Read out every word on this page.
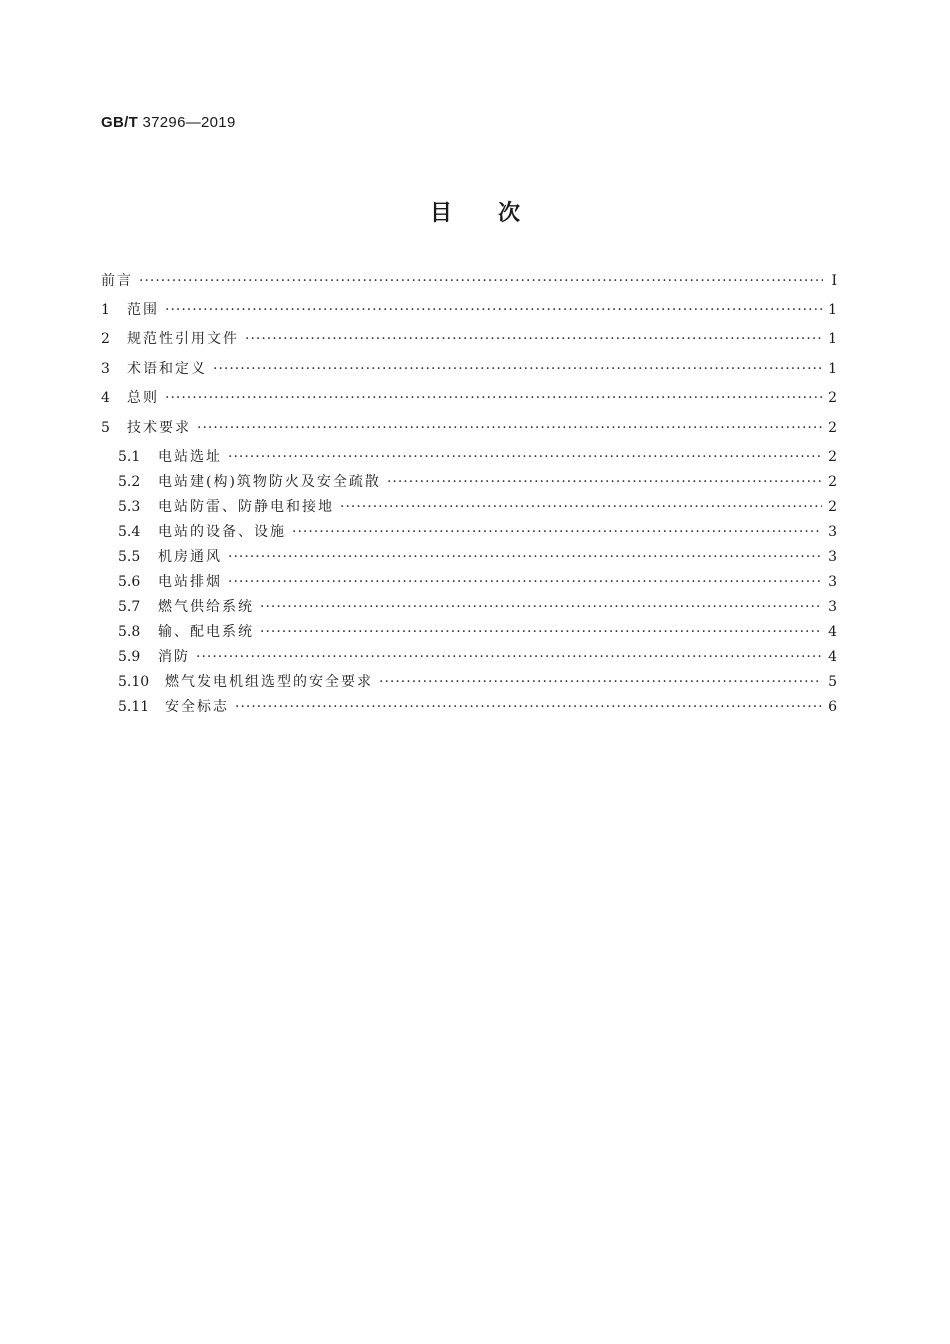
GB/T 37296—2019
目次
前言 ·····	Ⅰ
1	范围 ·····	1
2	规范性引用文件 ·····	1
3	术语和定义 ·····	1
4	总则 ·····	2
5	技术要求 ·····	2
5.1	电站选址 ·····	2
5.2	电站建(构)筑物防火及安全疏散 ·····	2
5.3	电站防雷、防静电和接地 ·····	2
5.4	电站的设备、设施 ·····	3
5.5	机房通风 ·····	3
5.6	电站排烟 ·····	3
5.7	燃气供给系统 ·····	3
5.8	输、配电系统 ·····	4
5.9	消防 ·····	4
5.10	燃气发电机组选型的安全要求 ·····	5
5.11	安全标志 ·····	6
